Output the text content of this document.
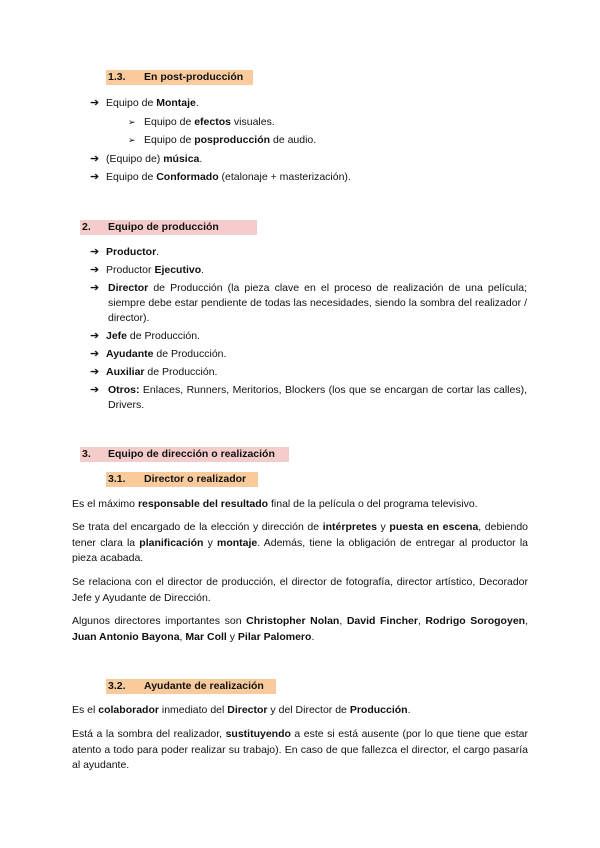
1.3. En post-producción
➔ Equipo de Montaje.
➢ Equipo de efectos visuales.
➢ Equipo de posproducción de audio.
➔ (Equipo de) música.
➔ Equipo de Conformado (etalonaje + masterización).
2. Equipo de producción
➔ Productor.
➔ Productor Ejecutivo.
➔ Director de Producción (la pieza clave en el proceso de realización de una película; siempre debe estar pendiente de todas las necesidades, siendo la sombra del realizador / director).
➔ Jefe de Producción.
➔ Ayudante de Producción.
➔ Auxiliar de Producción.
➔ Otros: Enlaces, Runners, Meritorios, Blockers (los que se encargan de cortar las calles), Drivers.
3. Equipo de dirección o realización
3.1. Director o realizador
Es el máximo responsable del resultado final de la película o del programa televisivo.
Se trata del encargado de la elección y dirección de intérpretes y puesta en escena, debiendo tener clara la planificación y montaje. Además, tiene la obligación de entregar al productor la pieza acabada.
Se relaciona con el director de producción, el director de fotografía, director artístico, Decorador Jefe y Ayudante de Dirección.
Algunos directores importantes son Christopher Nolan, David Fincher, Rodrigo Sorogoyen, Juan Antonio Bayona, Mar Coll y Pilar Palomero.
3.2. Ayudante de realización
Es el colaborador inmediato del Director y del Director de Producción.
Está a la sombra del realizador, sustituyendo a este si está ausente (por lo que tiene que estar atento a todo para poder realizar su trabajo). En caso de que fallezca el director, el cargo pasaría al ayudante.
